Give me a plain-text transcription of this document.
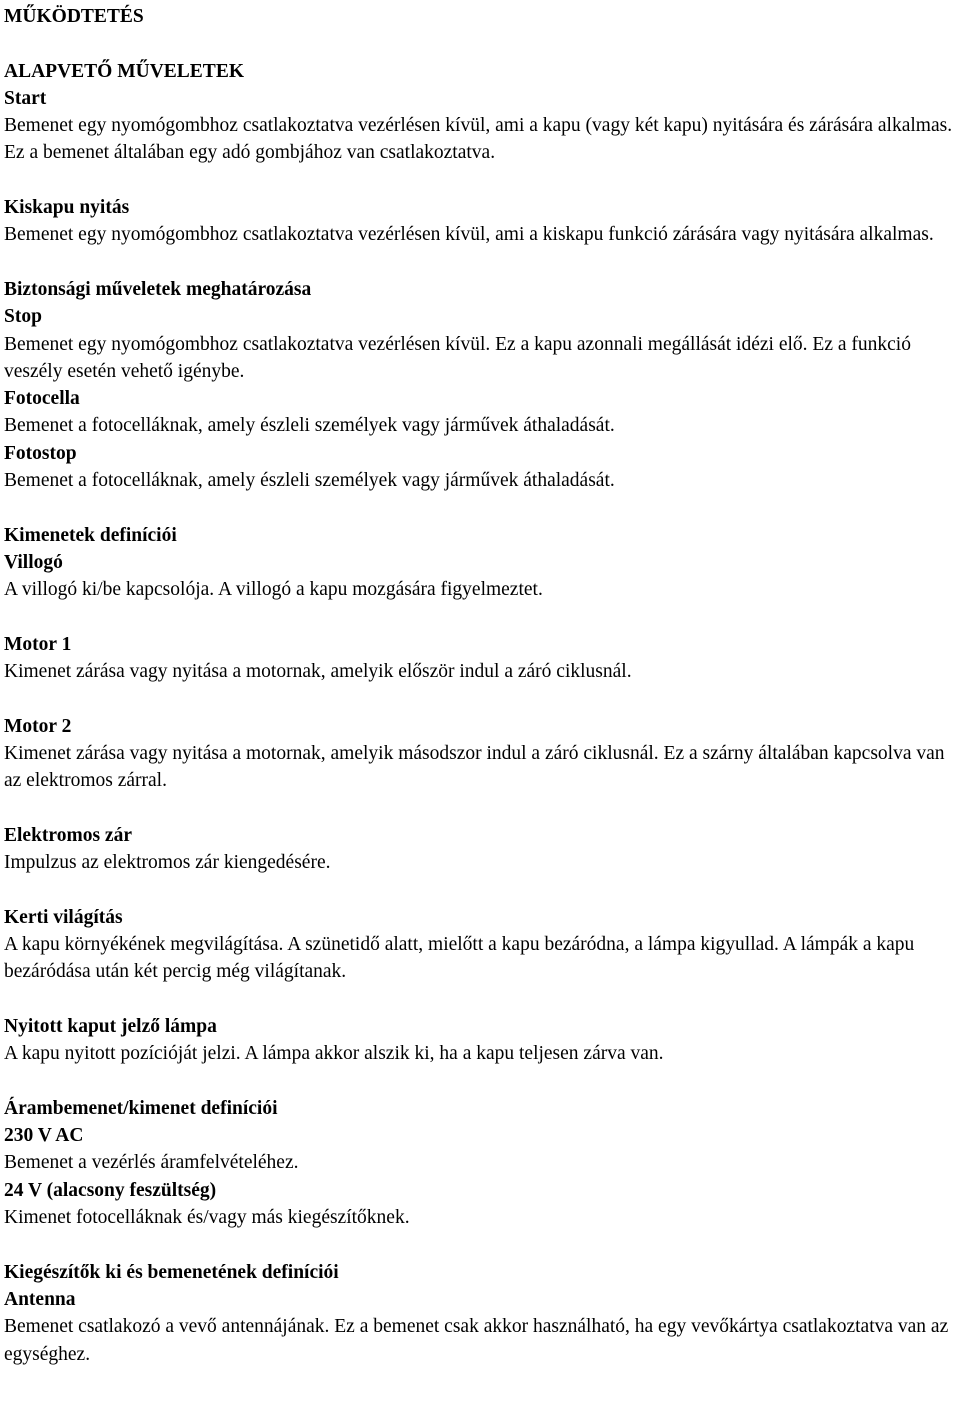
MŰKÖDTETÉS

ALAPVETŐ MŰVELETEK

Start

Bemenet egy nyomógombhoz csatlakoztatva vezérlésen kívül, ami a kapu (vagy két kapu) nyitására és zárására alkalmas. Ez a bemenet általában egy adó gombjához van csatlakoztatva.

Kiskapu nyitás

Bemenet egy nyomógombhoz csatlakoztatva vezérlésen kívül, ami a kiskapu funkció zárására vagy nyitására alkalmas.

Biztonsági műveletek meghatározása

Stop

Bemenet egy nyomógombhoz csatlakoztatva vezérlésen kívül. Ez a kapu azonnali megállását idézi elő. Ez a funkció veszély esetén vehető igénybe.

Fotocella

Bemenet a fotocelláknak, amely észleli személyek vagy járművek áthaladását.

Fotostop

Bemenet a fotocelláknak, amely észleli személyek vagy járművek áthaladását.

Kimenetek definíciói

Villogó

A villogó ki/be kapcsolója. A villogó a kapu mozgására figyelmeztet.

Motor 1

Kimenet zárása vagy nyitása a motornak, amelyik először indul a záró ciklusnál.

Motor 2

Kimenet zárása vagy nyitása a motornak, amelyik másodszor indul a záró ciklusnál. Ez a szárny általában kapcsolva van az elektromos zárral.

Elektromos zár

Impulzus az elektromos zár kiengedésére.

Kerti világítás

A kapu környékének megvilágítása. A szünetidő alatt, mielőtt a kapu bezáródna, a lámpa kigyullad. A lámpák a kapu bezáródása után két percig még világítanak.

Nyitott kaput jelző lámpa

A kapu nyitott pozícióját jelzi. A lámpa akkor alszik ki, ha a kapu teljesen zárva van.

Árambemenet/kimenet definíciói

230 V AC

Bemenet a vezérlés áramfelvételéhez.

24 V (alacsony feszültség)

Kimenet fotocelláknak és/vagy más kiegészítőknek.

Kiegészítők ki és bemenetének definíciói

Antenna

Bemenet csatlakozó a vevő antennájának. Ez a bemenet csak akkor használható, ha egy vevőkártya csatlakoztatva van az egységhez.
